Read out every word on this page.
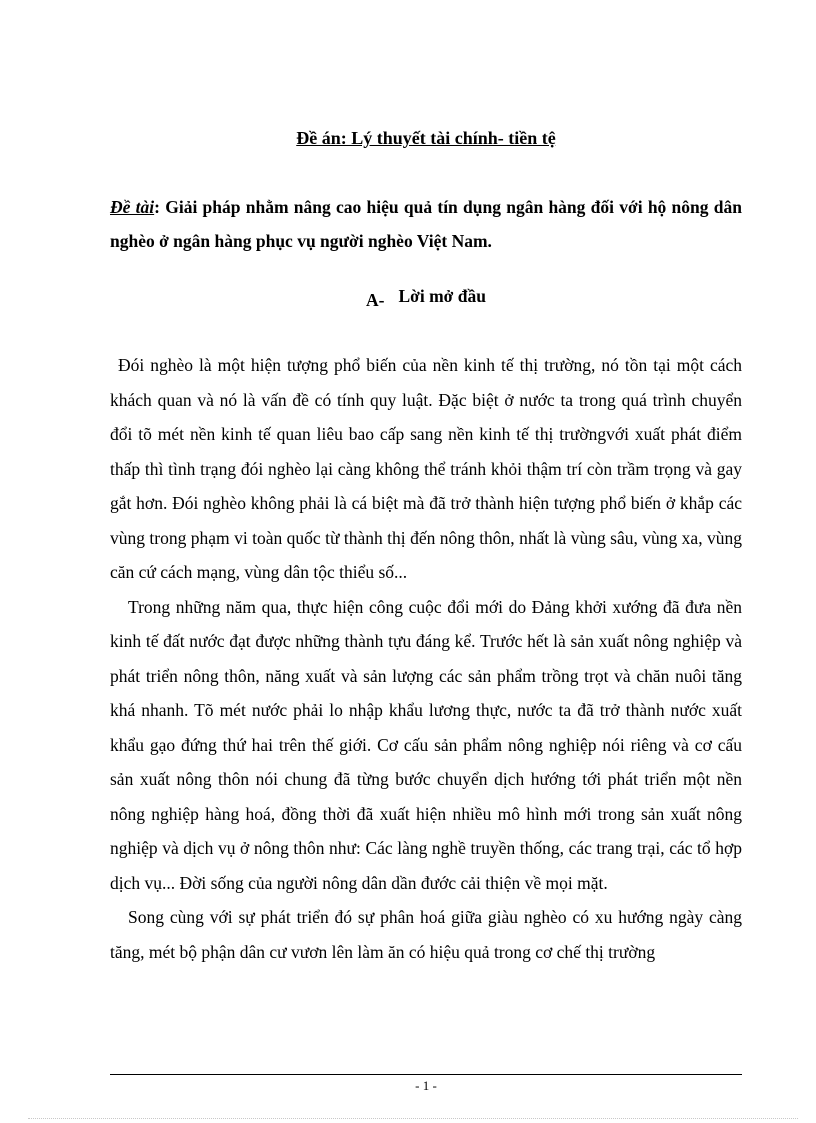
Đề án: Lý thuyết tài chính- tiền tệ

Đề tài: Giải pháp nhằm nâng cao hiệu quả tín dụng ngân hàng đối với hộ nông dân nghèo ở ngân hàng phục vụ người nghèo Việt Nam.

A- Lời mở đầu

Đói nghèo là một hiện tượng phổ biến của nền kinh tế thị trường, nó tồn tại một cách khách quan và nó là vấn đề có tính quy luật. Đặc biệt ở nước ta trong quá trình chuyển đổi tõ mét nền kinh tế quan liêu bao cấp sang nền kinh tế thị trườngvới xuất phát điểm thấp thì tình trạng đói nghèo lại càng không thể tránh khỏi thậm trí còn trầm trọng và gay gắt hơn. Đói nghèo không phải là cá biệt mà đã trở thành hiện tượng phổ biến ở khắp các vùng trong phạm vi toàn quốc từ thành thị đến nông thôn, nhất là vùng sâu, vùng xa, vùng căn cứ cách mạng, vùng dân tộc thiểu số...

Trong những năm qua, thực hiện công cuộc đổi mới do Đảng khởi xướng đã đưa nền kinh tế đất nước đạt được những thành tựu đáng kể. Trước hết là sản xuất nông nghiệp và phát triển nông thôn, năng xuất và sản lượng các sản phẩm trồng trọt và chăn nuôi tăng khá nhanh. Tõ mét nước phải lo nhập khẩu lương thực, nước ta đã trở thành nước xuất khẩu gạo đứng thứ hai trên thế giới. Cơ cấu sản phẩm nông nghiệp nói riêng và cơ cấu sản xuất nông thôn nói chung đã từng bước chuyển dịch hướng tới phát triển một nền nông nghiệp hàng hoá, đồng thời đã xuất hiện nhiều mô hình mới trong sản xuất nông nghiệp và dịch vụ ở nông thôn như: Các làng nghề truyền thống, các trang trại, các tổ hợp dịch vụ... Đời sống của người nông dân dần đước cải thiện về mọi mặt.

Song cùng với sự phát triển đó sự phân hoá giữa giàu nghèo có xu hướng ngày càng tăng, mét bộ phận dân cư vươn lên làm ăn có hiệu quả trong cơ chế thị trường

- 1 -
